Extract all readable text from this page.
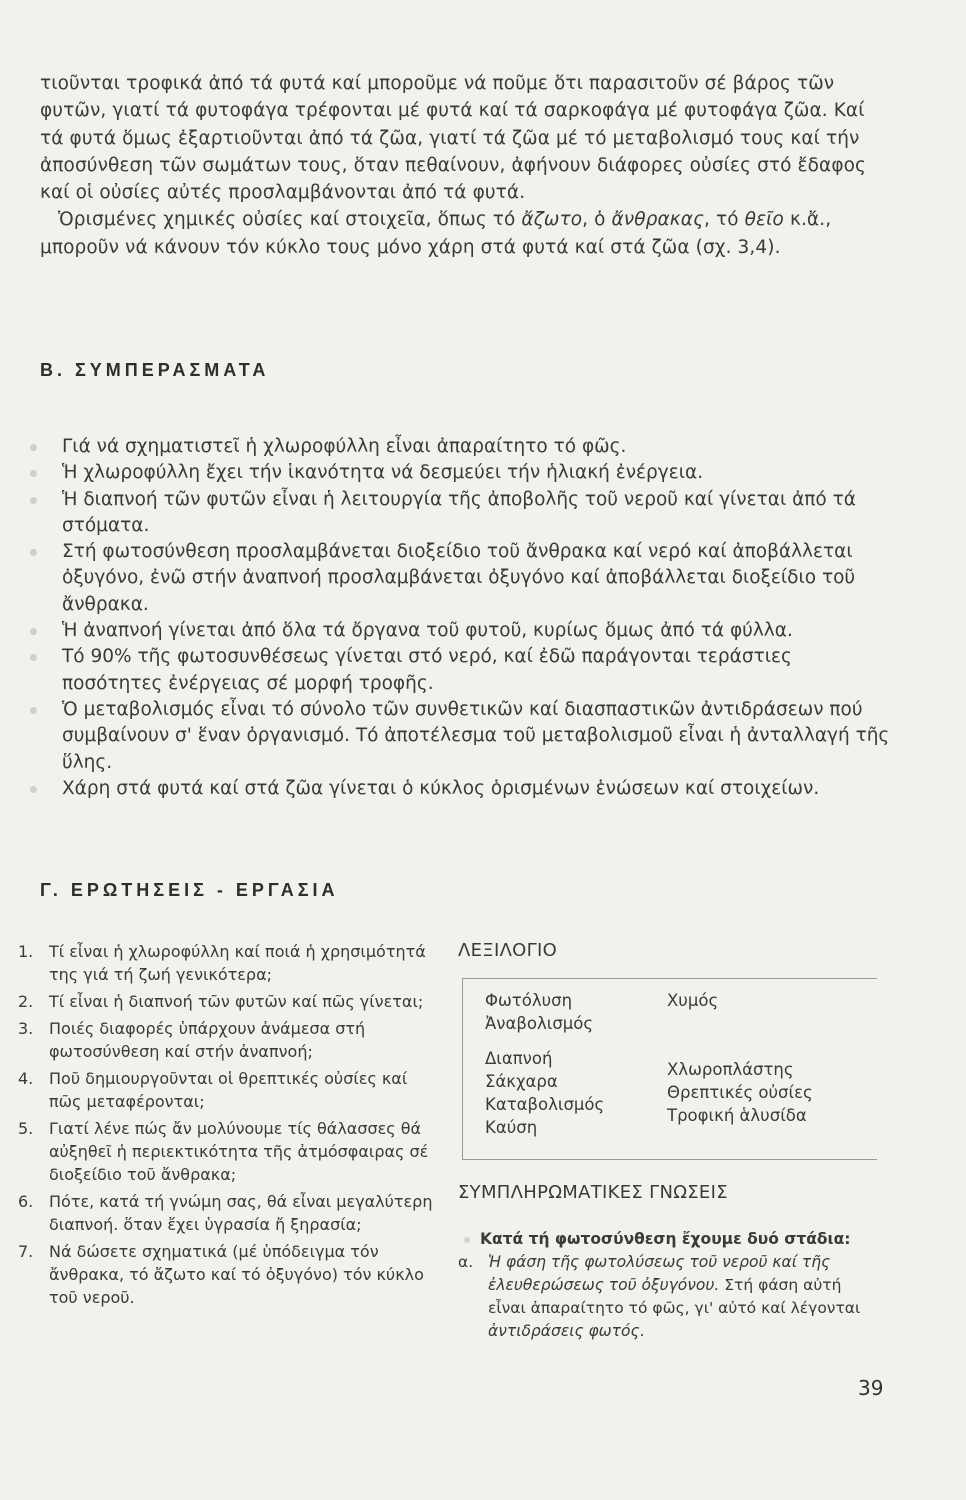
τιοῦνται τροφικά ἀπό τά φυτά καί μποροῦμε νά ποῦμε ὅτι παρασιτοῦν σέ βάρος τῶν φυτῶν, γιατί τά φυτοφάγα τρέφονται μέ φυτά καί τά σαρκοφάγα μέ φυτοφάγα ζῶα. Καί τά φυτά ὅμως ἐξαρτιοῦνται ἀπό τά ζῶα, γιατί τά ζῶα μέ τό μεταβολισμό τους καί τήν ἀποσύνθεση τῶν σωμάτων τους, ὅταν πεθαίνουν, ἀφήνουν διάφορες οὐσίες στό ἔδαφος καί οἱ οὐσίες αὐτές προσλαμβάνονται ἀπό τά φυτά.

Ὁρισμένες χημικές οὐσίες καί στοιχεῖα, ὅπως τό ἄζωτο, ὁ ἄνθρακας, τό θεῖο κ.ἄ., μποροῦν νά κάνουν τόν κύκλο τους μόνο χάρη στά φυτά καί στά ζῶα (σχ. 3,4).

Β. ΣΥΜΠΕΡΑΣΜΑΤΑ
Γιά νά σχηματιστεῖ ἡ χλωροφύλλη εἶναι ἀπαραίτητο τό φῶς.
Ἡ χλωροφύλλη ἔχει τήν ἱκανότητα νά δεσμεύει τήν ἡλιακή ἐνέργεια.
Ἡ διαπνοή τῶν φυτῶν εἶναι ἡ λειτουργία τῆς ἀποβολῆς τοῦ νεροῦ καί γίνεται ἀπό τά στόματα.
Στή φωτοσύνθεση προσλαμβάνεται διοξείδιο τοῦ ἄνθρακα καί νερό καί ἀποβάλλεται ὀξυγόνο, ἐνῶ στήν ἀναπνοή προσλαμβάνεται ὀξυγόνο καί ἀποβάλλεται διοξείδιο τοῦ ἄνθρακα.
Ἡ ἀναπνοή γίνεται ἀπό ὅλα τά ὄργανα τοῦ φυτοῦ, κυρίως ὅμως ἀπό τά φύλλα.
Τό 90% τῆς φωτοσυνθέσεως γίνεται στό νερό, καί ἐδῶ παράγονται τεράστιες ποσότητες ἐνέργειας σέ μορφή τροφῆς.
Ὁ μεταβολισμός εἶναι τό σύνολο τῶν συνθετικῶν καί διασπαστικῶν ἀντιδράσεων πού συμβαίνουν σ' ἕναν ὀργανισμό. Τό ἀποτέλεσμα τοῦ μεταβολισμοῦ εἶναι ἡ ἀνταλλαγή τῆς ὕλης.
Χάρη στά φυτά καί στά ζῶα γίνεται ὁ κύκλος ὁρισμένων ἑνώσεων καί στοιχείων.
Γ. ΕΡΩΤΗΣΕΙΣ - ΕΡΓΑΣΙΑ
1. Τί εἶναι ἡ χλωροφύλλη καί ποιά ἡ χρησιμότητά της γιά τή ζωή γενικότερα;
2. Τί εἶναι ἡ διαπνοή τῶν φυτῶν καί πῶς γίνεται;
3. Ποιές διαφορές ὑπάρχουν ἀνάμεσα στή φωτοσύνθεση καί στήν ἀναπνοή;
4. Ποῦ δημιουργοῦνται οἱ θρεπτικές οὐσίες καί πῶς μεταφέρονται;
5. Γιατί λένε πώς ἄν μολύνουμε τίς θάλασσες θά αὐξηθεῖ ἡ περιεκτικότητα τῆς ἀτμόσφαιρας σέ διοξείδιο τοῦ ἄνθρακα;
6. Πότε, κατά τή γνώμη σας, θά εἶναι μεγαλύτερη διαπνοή. ὅταν ἔχει ὑγρασία ἤ ξηρασία;
7. Νά δώσετε σχηματικά (μέ ὑπόδειγμα τόν ἄνθρακα, τό ἄζωτο καί τό ὀξυγόνο) τόν κύκλο τοῦ νεροῦ.
ΛΕΞΙΛΟΓΙΟ
Φωτόλυση
Ἀναβολισμός
Διαπνοή
Σάκχαρα
Καταβολισμός
Καύση
Χυμός
Χλωροπλάστης
Θρεπτικές οὐσίες
Τροφική ἁλυσίδα
ΣΥΜΠΛΗΡΩΜΑΤΙΚΕΣ ΓΝΩΣΕΙΣ

Κατά τή φωτοσύνθεση ἔχουμε δυό στάδια:

α. Ἡ φάση τῆς φωτολύσεως τοῦ νεροῦ καί τῆς ἐλευθερώσεως τοῦ ὀξυγόνου. Στή φάση αὐτή εἶναι ἀπαραίτητο τό φῶς, γι' αὐτό καί λέγονται ἀντιδράσεις φωτός.

39
